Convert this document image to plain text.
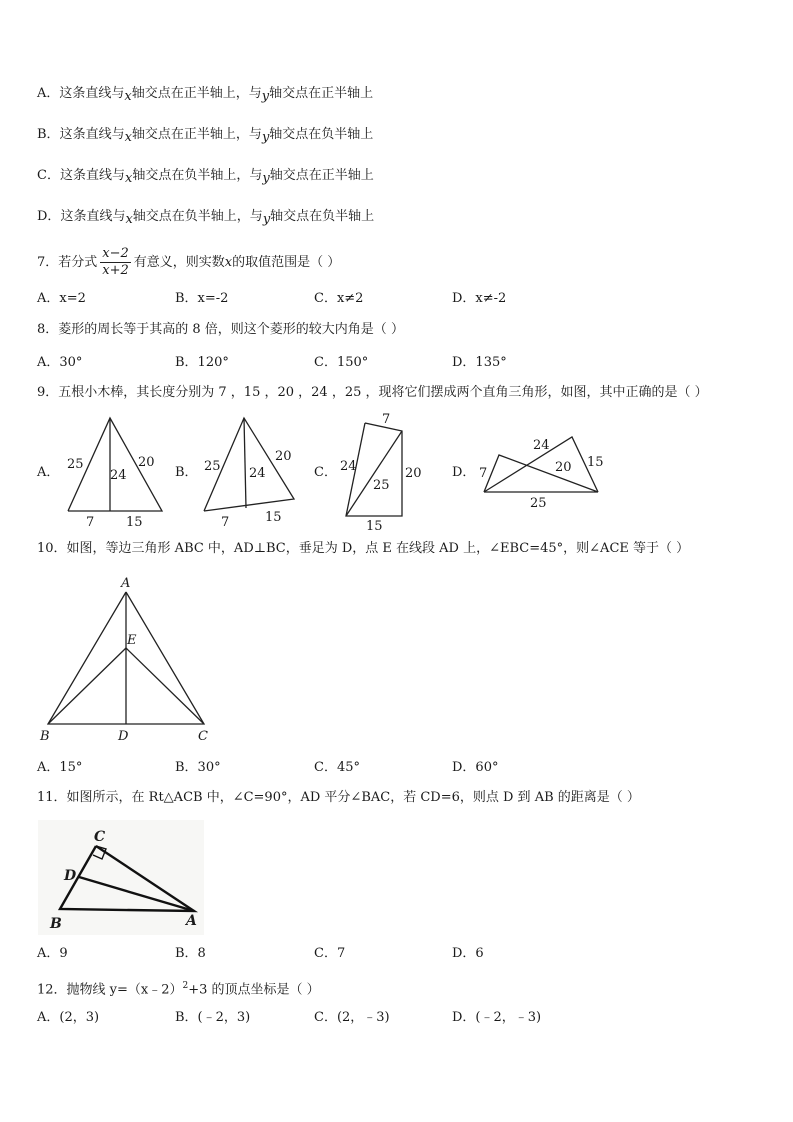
A．这条直线与x轴交点在正半轴上，与y轴交点在正半轴上
B．这条直线与x轴交点在正半轴上，与y轴交点在负半轴上
C．这条直线与x轴交点在负半轴上，与y轴交点在正半轴上
D．这条直线与x轴交点在负半轴上，与y轴交点在负半轴上
7．若分式 $\frac{x-2}{x+2}$ 有意义，则实数x的取值范围是（ ）
A．x=2	B．x=-2	C．x≠2	D．x≠-2
8．菱形的周长等于其高的 8 倍，则这个菱形的较大内角是（ ）
A．30°	B．120°	C．150°	D．135°
9．五根小木棒，其长度分别为 7 ，15 ，20 ，24 ，25 ，现将它们摆成两个直角三角形，如图，其中正确的是（ ）
A．
25
24
20
7 15
B． 25 24
20
7	15
C．
7
24
25
20
15
D． 7
24
20 15
25
10．如图，等边三角形 ABC 中，AD⊥BC，垂足为 D，点 E 在线段 AD 上，∠EBC=45°，则∠ACE 等于（ ）
A
E
B	D	C
A．15°	B．30°	C．45°	D．60°
11．如图所示，在 Rt△ACB 中，∠C=90°，AD 平分∠BAC，若 CD=6，则点 D 到 AB 的距离是（ ）
C
D
B	A
A．9	B．8	C．7	D．6
12．抛物线 y=（x﹣2）$^2$+3 的顶点坐标是（ ）
A．(2，3)	B．(﹣2，3)	C．(2，﹣3)	D．(﹣2，﹣3)
